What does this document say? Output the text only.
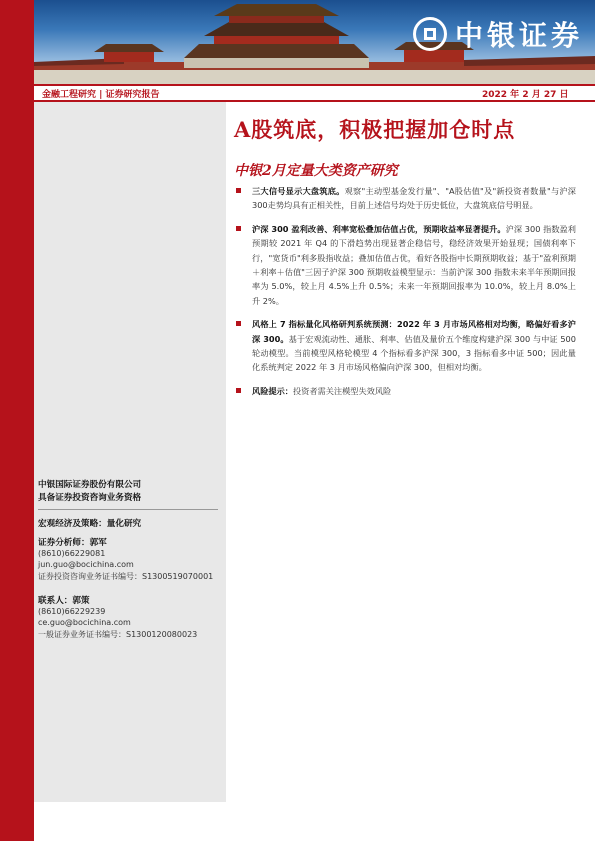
中银证券
金融工程研究 | 证券研究报告	2022 年 2 月 27 日
A股筑底，积极把握加仓时点
中银2月定量大类资产研究
三大信号显示大盘筑底。观察"主动型基金发行量"、"A股估值"及"新投资者数量"与沪深300走势均具有正相关性，目前上述信号均处于历史低位，大盘筑底信号明显。
沪深 300 盈利改善、利率宽松叠加估值占优，预期收益率显著提升。沪深 300 指数盈利预期较 2021 年 Q4 的下滑趋势出现显著企稳信号，稳经济效果开始显现；国债利率下行，"宽货币"利多股指收益；叠加估值占优，看好各股指中长期预期收益；基于"盈利预期＋利率＋估值"三因子沪深 300 预期收益模型显示：当前沪深 300 指数未来半年预期回报率为 5.0%，较上月 4.5%上升 0.5%；未来一年预期回报率为 10.0%，较上月 8.0%上升 2%。
风格上 7 指标量化风格研判系统预测：2022 年 3 月市场风格相对均衡，略偏好看多沪深 300。基于宏观流动性、通胀、利率、估值及量价五个维度构建沪深 300 与中证 500 轮动模型。当前模型风格轮模型 4 个指标看多沪深 300，3 指标看多中证 500；因此量化系统判定 2022 年 3 月市场风格偏向沪深 300，但相对均衡。
风险提示：投资者需关注模型失效风险
中银国际证券股份有限公司
具备证券投资咨询业务资格
宏观经济及策略：量化研究
证券分析师：郭军
(8610)66229081
jun.guo@bocichina.com
证券投资咨询业务证书编号：S1300519070001
联系人：郭策
(8610)66229239
ce.guo@bocichina.com
一般证券业务证书编号：S1300120080023
